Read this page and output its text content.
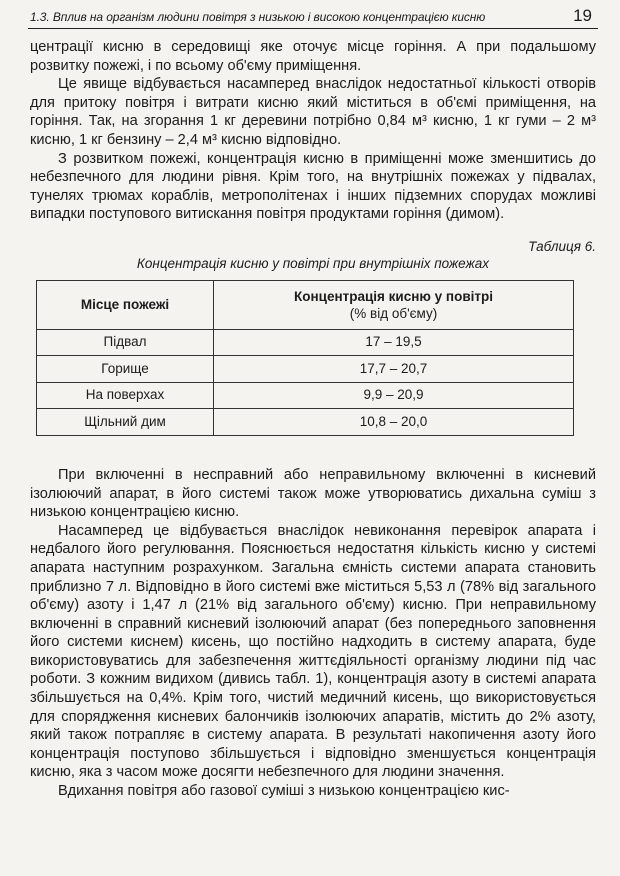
1.3. Вплив на організм людини повітря з низькою і високою концентрацією кисню	19

центрації кисню в середовищі яке оточує місце горіння. А при подальшому розвитку пожежі, і по всьому об'єму приміщення.

Це явище відбувається насамперед внаслідок недостатньої кількості отворів для притоку повітря і витрати кисню який міститься в об'ємі приміщення, на горіння. Так, на згорання 1 кг деревини потрібно 0,84 м³ кисню, 1 кг гуми – 2 м³ кисню, 1 кг бензину – 2,4 м³ кисню відповідно.

З розвитком пожежі, концентрація кисню в приміщенні може зменшитись до небезпечного для людини рівня. Крім того, на внутрішніх пожежах у підвалах, тунелях трюмах кораблів, метрополітенах і інших підземних спорудах можливі випадки поступового витискання повітря продуктами горіння (димом).

Таблиця 6.

Концентрація кисню у повітрі при внутрішніх пожежах

Місце пожежі	Концентрація кисню у повітрі
(% від об'єму)

Підвал	17 – 19,5
Горище	17,7 – 20,7
На поверхах	9,9 – 20,9
Щільний дим	10,8 – 20,0

При включенні в несправний або неправильному включенні в кисневий ізолюючий апарат, в його системі також може утворюватись дихальна суміш з низькою концентрацією кисню.

Насамперед це відбувається внаслідок невиконання перевірок апарата і недбалого його регулювання. Пояснюється недостатня кількість кисню у системі апарата наступним розрахунком. Загальна ємність системи апарата становить приблизно 7 л. Відповідно в його системі вже міститься 5,53 л (78% від загального об'єму) азоту і 1,47 л (21% від загального об'єму) кисню. При неправильному включенні в справний кисневий ізолюючий апарат (без попереднього заповнення його системи киснем) кисень, що постійно надходить в систему апарата, буде використовуватись для забезпечення життєдіяльності організму людини під час роботи. З кожним видихом (дивись табл. 1), концентрація азоту в системі апарата збільшується на 0,4%. Крім того, чистий медичний кисень, що використовується для спорядження кисневих балончиків ізолюючих апаратів, містить до 2% азоту, який також потрапляє в систему апарата. В результаті накопичення азоту його концентрація поступово збільшується і відповідно зменшується концентрація кисню, яка з часом може досягти небезпечного для людини значення.

Вдихання повітря або газової суміші з низькою концентрацією кис-
